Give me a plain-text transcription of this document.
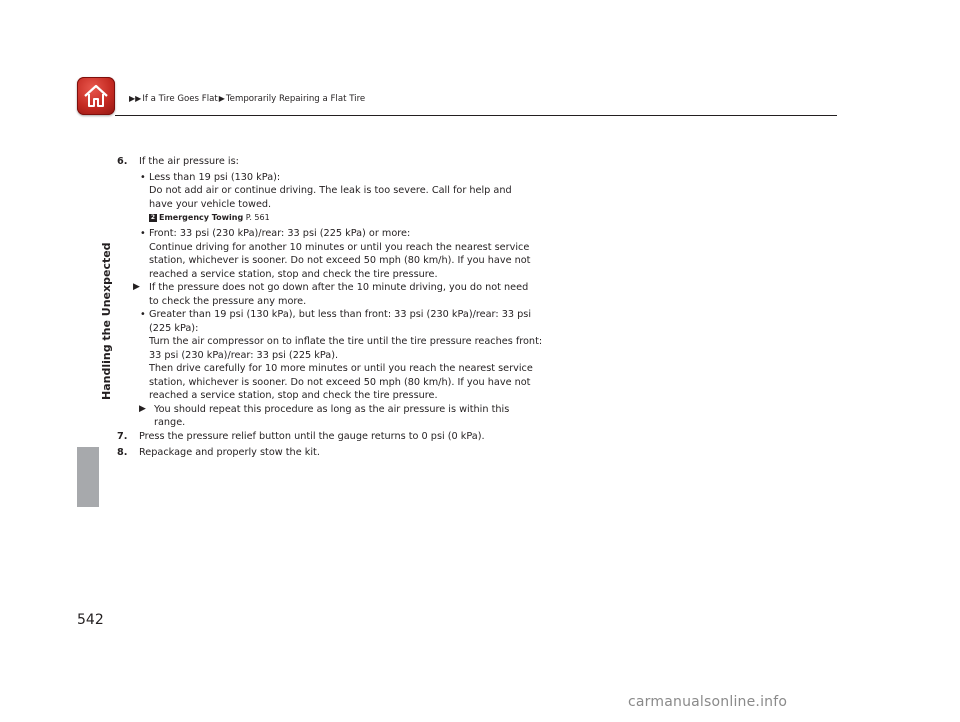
▶▶If a Tire Goes Flat▶Temporarily Repairing a Flat Tire
Handling the Unexpected
6. If the air pressure is:
• Less than 19 psi (130 kPa):
Do not add air or continue driving. The leak is too severe. Call for help and
have your vehicle towed.
2 Emergency Towing P. 561
• Front: 33 psi (230 kPa)/rear: 33 psi (225 kPa) or more:
Continue driving for another 10 minutes or until you reach the nearest service
station, whichever is sooner. Do not exceed 50 mph (80 km/h). If you have not
reached a service station, stop and check the tire pressure.
▶ If the pressure does not go down after the 10 minute driving, you do not need
to check the pressure any more.
• Greater than 19 psi (130 kPa), but less than front: 33 psi (230 kPa)/rear: 33 psi
(225 kPa):
Turn the air compressor on to inflate the tire until the tire pressure reaches front:
33 psi (230 kPa)/rear: 33 psi (225 kPa).
Then drive carefully for 10 more minutes or until you reach the nearest service
station, whichever is sooner. Do not exceed 50 mph (80 km/h). If you have not
reached a service station, stop and check the tire pressure.
▶ You should repeat this procedure as long as the air pressure is within this
range.
7. Press the pressure relief button until the gauge returns to 0 psi (0 kPa).
8. Repackage and properly stow the kit.
542
carmanualsonline.info
